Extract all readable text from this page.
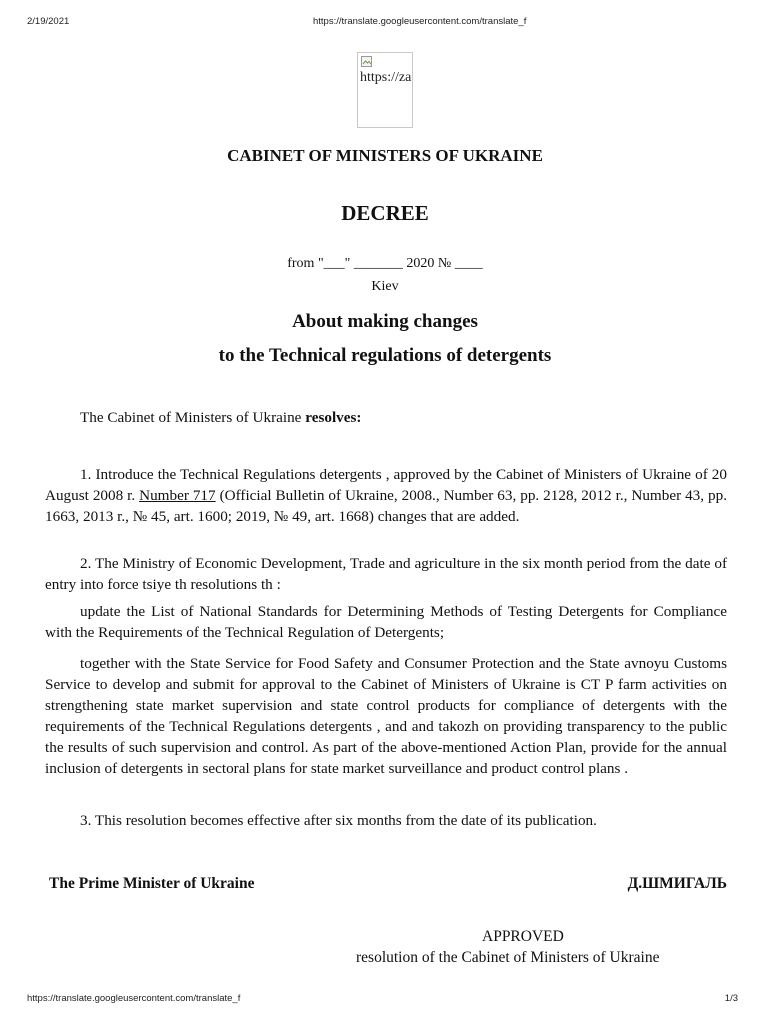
2/19/2021	https://translate.googleusercontent.com/translate_f
https://za
CABINET OF MINISTERS OF UKRAINE
DECREE
from "___" _______ 2020 № ____
Kiev
About making changes
to the Technical regulations of detergents

The Cabinet of Ministers of Ukraine resolves:

1. Introduce the Technical Regulations detergents , approved by the Cabinet of Ministers of Ukraine of 20 August 2008 r. Number 717 (Official Bulletin of Ukraine, 2008., Number 63, pp. 2128, 2012 r., Number 43, pp. 1663, 2013 r., № 45, art. 1600; 2019, № 49, art. 1668) changes that are added.

2. The Ministry of Economic Development, Trade and agriculture in the six month period from the date of entry into force tsiye th resolutions th :

update the List of National Standards for Determining Methods of Testing Detergents for Compliance with the Requirements of the Technical Regulation of Detergents;

together with the State Service for Food Safety and Consumer Protection and the State avnoyu Customs Service to develop and submit for approval to the Cabinet of Ministers of Ukraine is CT P farm activities on strengthening state market supervision and state control products for compliance of detergents with the requirements of the Technical Regulations detergents , and and takozh on providing transparency to the public the results of such supervision and control. As part of the above-mentioned Action Plan, provide for the annual inclusion of detergents in sectoral plans for state market surveillance and product control plans .

3. This resolution becomes effective after six months from the date of its publication.

The Prime Minister of Ukraine	Д.ШМИГАЛЬ
APPROVED
resolution of the Cabinet of Ministers of Ukraine
https://translate.googleusercontent.com/translate_f	1/3
